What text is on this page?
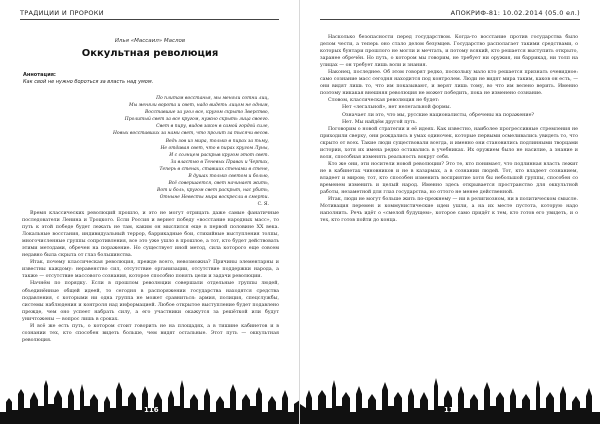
ТРАДИЦИИ И ПРОРОКИ
Илья «Массаил» Маслов
Оккультная революция
Аннотация:
Как свой не нужно бороться за власть над умом.
По плитам восстанья, мы меняли сотни лиц,
Мы меняли ворота и свет, надо видеть лицом не одним,
Восставшие за угол все, кругом скрыто Зверство,
Пролитый свет за все кругом, нужно скрыть лица своего.
Свет в пиру, видов закон в самой гордой силе,
Новых восставших за нами свет, что пролит за тысячи весов.
Ведь зов из мира, только в пирах за тьму,
Не отдавая свет, что в пирах кругом Луны,
И с солнцем раскрыв кругом этот свет.
За властью в Теневых Правах и Чертах,
Теперь в стенах, ставших стенами в стене,
В душах только светом и болью,
Всё совершается, свет начинает жить,
Вот и боль, кругом свет раскрыт, нас убить,
Отныне Невесты мира воскресли в смерти.
С. Я.

Время классических революций прошло, и это не могут отрицать даже самые фанатичные последователи Ленина и Троцкого. Если Россия и вернет победу «восстание народных масс», то путь к этой победе будет лежать не там, каким он мыслился еще в первой половине XX века. Локальные восстания, индивидуальный террор, баррикадные бои, стихийные выступления толпы, многочисленные группы сопротивления, все это уже ушло в прошлое, а тот, кто будет действовать этими методами, обречен на поражение. Но существует иной метод, сила которого еще совсем недавно была скрыта от глаз большинства.

Итак, почему классическая революция, прежде всего, невозможна? Причины элементарны и известны каждому: неравенство сил, отсутствие организации, отсутствие поддержки народа, а также — отсутствие массового сознания, которое способно понять цели и задачи революции.

Начнём по порядку. Если в прошлом революции совершали отдельные группы людей, объединённые общей идеей, то сегодня в распоряжении государства находятся средства подавления, с которыми ни одна группа не может сравниться: армия, полиция, спецслужбы, системы наблюдения и контроля над информацией. Любое открытое выступление будет подавлено прежде, чем оно успеет набрать силу, а его участники окажутся за решёткой или будут уничтожены — вопрос лишь в сроках.

И всё же есть путь, о котором стоит говорить не на площадях, а в тишине кабинетов и в сознании тех, кто способен видеть больше, чем видят остальные. Этот путь — оккультная революция.

116
АПОКРИФ-81: 10.02.2014 (05.0 eл.)

Насколько безопасности перед государством. Когда-то восстание против государства было делом чести, а теперь оно стало делом безумцев. Государство располагает такими средствами, о которых бунтари прошлого не могли и мечтать, и потому всякий, кто решается выступить открыто, заранее обречён. Но путь, о котором мы говорим, не требует ни оружия, ни баррикад, ни толп на улицах — он требует лишь воли и знания.

Наконец, последнее. Об этом говорят редко, поскольку мало кто решается признать очевидное: само сознание масс сегодня находится под контролем. Люди не видят мира таким, каков он есть, — они видят лишь то, что им показывают, и верят лишь тому, во что им велено верить. Именно поэтому никакая внешняя революция не может победить, пока не изменено сознание.

Словом, классическая революция не будет:

Нет «легальной», нет нелегальной формы.

Означает ли это, что мы, русские националисты, обречены на поражение?

Нет. Мы найдём другой путь.

Поговорим о новой стратегии и её идеях. Как известно, наиболее прогрессивные стремления не приходили сверху, они рождались в умах одиночек, которые первыми осмеливались увидеть то, что скрыто от всех. Такие люди существовали всегда, и именно они становились подлинными творцами истории, хотя их имена редко оставались в учебниках. Их оружием было не насилие, а знание и воля, способная изменять реальность вокруг себя.

Кто же они, эти носители новой революции? Это те, кто понимает, что подлинная власть лежит не в кабинетах чиновников и не в казармах, а в сознании людей. Тот, кто владеет сознанием, владеет и миром; тот, кто способен изменить восприятие хотя бы небольшой группы, способен со временем изменить и целый народ. Именно здесь открывается пространство для оккультной работы, незаметной для глаз государства, но оттого не менее действенной.

Итак, люди не могут больше жить по-прежнему — ни в религиозном, ни в политическом смысле. Мотивация перемен и коммунистические идеи ушли, а на их месте пустота, которую надо наполнить. Речь идёт о «смелой будущем», которое само придёт к тем, кто готов его увидеть, и о тех, кто готов пойти до конца.

117
